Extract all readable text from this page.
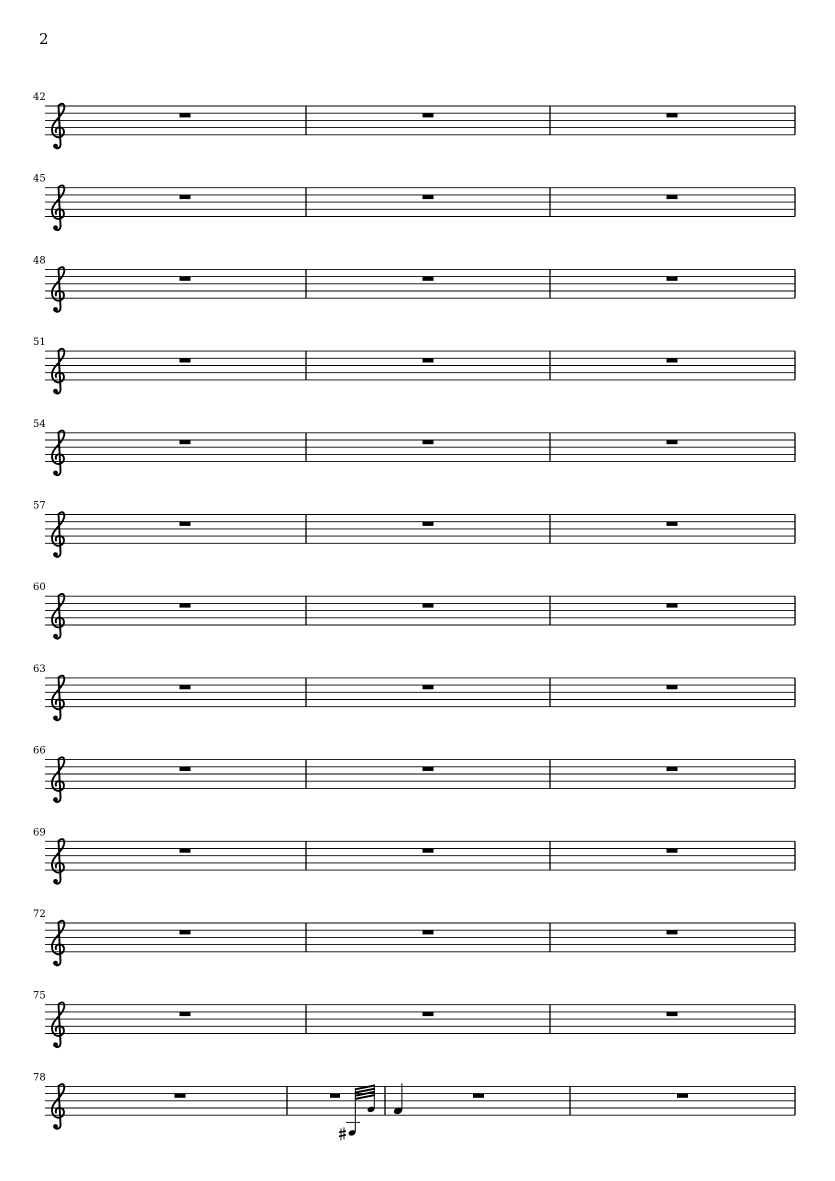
2
42
45
48
51
54
57
60
63
66
69
72
75
78
